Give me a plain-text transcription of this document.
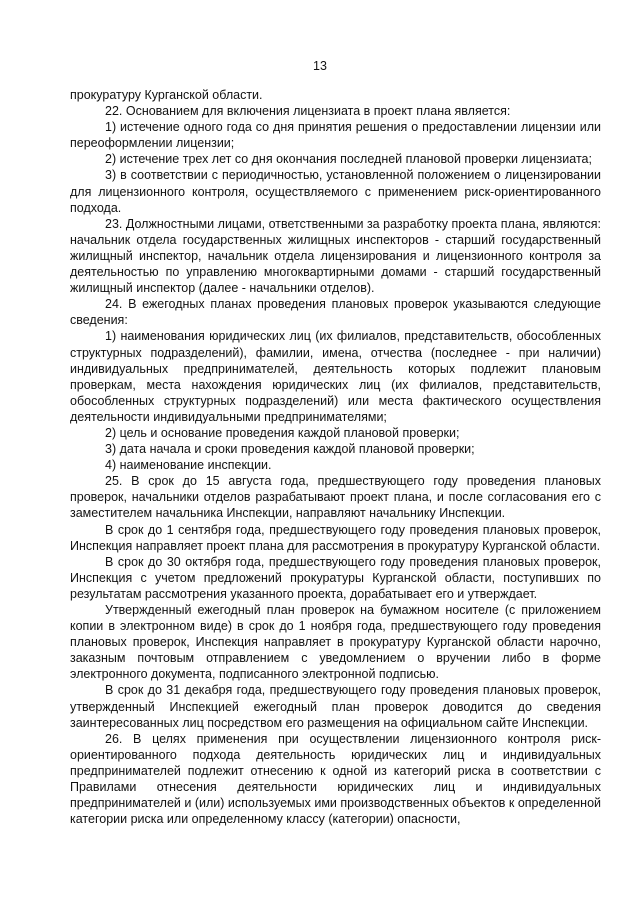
13

прокуратуру Курганской области.

22. Основанием для включения лицензиата в проект плана является:

1) истечение одного года со дня принятия решения о предоставлении лицензии или переоформлении лицензии;

2) истечение трех лет со дня окончания последней плановой проверки лицензиата;

3) в соответствии с периодичностью, установленной положением о лицензировании для лицензионного контроля, осуществляемого с применением риск-ориентированного подхода.

23. Должностными лицами, ответственными за разработку проекта плана, являются: начальник отдела государственных жилищных инспекторов - старший государственный жилищный инспектор, начальник отдела лицензирования и лицензионного контроля за деятельностью по управлению многоквартирными домами - старший государственный жилищный инспектор (далее - начальники отделов).

24. В ежегодных планах проведения плановых проверок указываются следующие сведения:

1) наименования юридических лиц (их филиалов, представительств, обособленных структурных подразделений), фамилии, имена, отчества (последнее - при наличии) индивидуальных предпринимателей, деятельность которых подлежит плановым проверкам, места нахождения юридических лиц (их филиалов, представительств, обособленных структурных подразделений) или места фактического осуществления деятельности индивидуальными предпринимателями;

2) цель и основание проведения каждой плановой проверки;

3) дата начала и сроки проведения каждой плановой проверки;

4) наименование инспекции.

25. В срок до 15 августа года, предшествующего году проведения плановых проверок, начальники отделов разрабатывают проект плана, и после согласования его с заместителем начальника Инспекции, направляют начальнику Инспекции.

В срок до 1 сентября года, предшествующего году проведения плановых проверок, Инспекция направляет проект плана для рассмотрения в прокуратуру Курганской области.

В срок до 30 октября года, предшествующего году проведения плановых проверок, Инспекция с учетом предложений прокуратуры Курганской области, поступивших по результатам рассмотрения указанного проекта, дорабатывает его и утверждает.

Утвержденный ежегодный план проверок на бумажном носителе (с приложением копии в электронном виде) в срок до 1 ноября года, предшествующего году проведения плановых проверок, Инспекция направляет в прокуратуру Курганской области нарочно, заказным почтовым отправлением с уведомлением о вручении либо в форме электронного документа, подписанного электронной подписью.

В срок до 31 декабря года, предшествующего году проведения плановых проверок, утвержденный Инспекцией ежегодный план проверок доводится до сведения заинтересованных лиц посредством его размещения на официальном сайте Инспекции.

26. В целях применения при осуществлении лицензионного контроля риск-ориентированного подхода деятельность юридических лиц и индивидуальных предпринимателей подлежит отнесению к одной из категорий риска в соответствии с Правилами отнесения деятельности юридических лиц и индивидуальных предпринимателей и (или) используемых ими производственных объектов к определенной категории риска или определенному классу (категории) опасности,
